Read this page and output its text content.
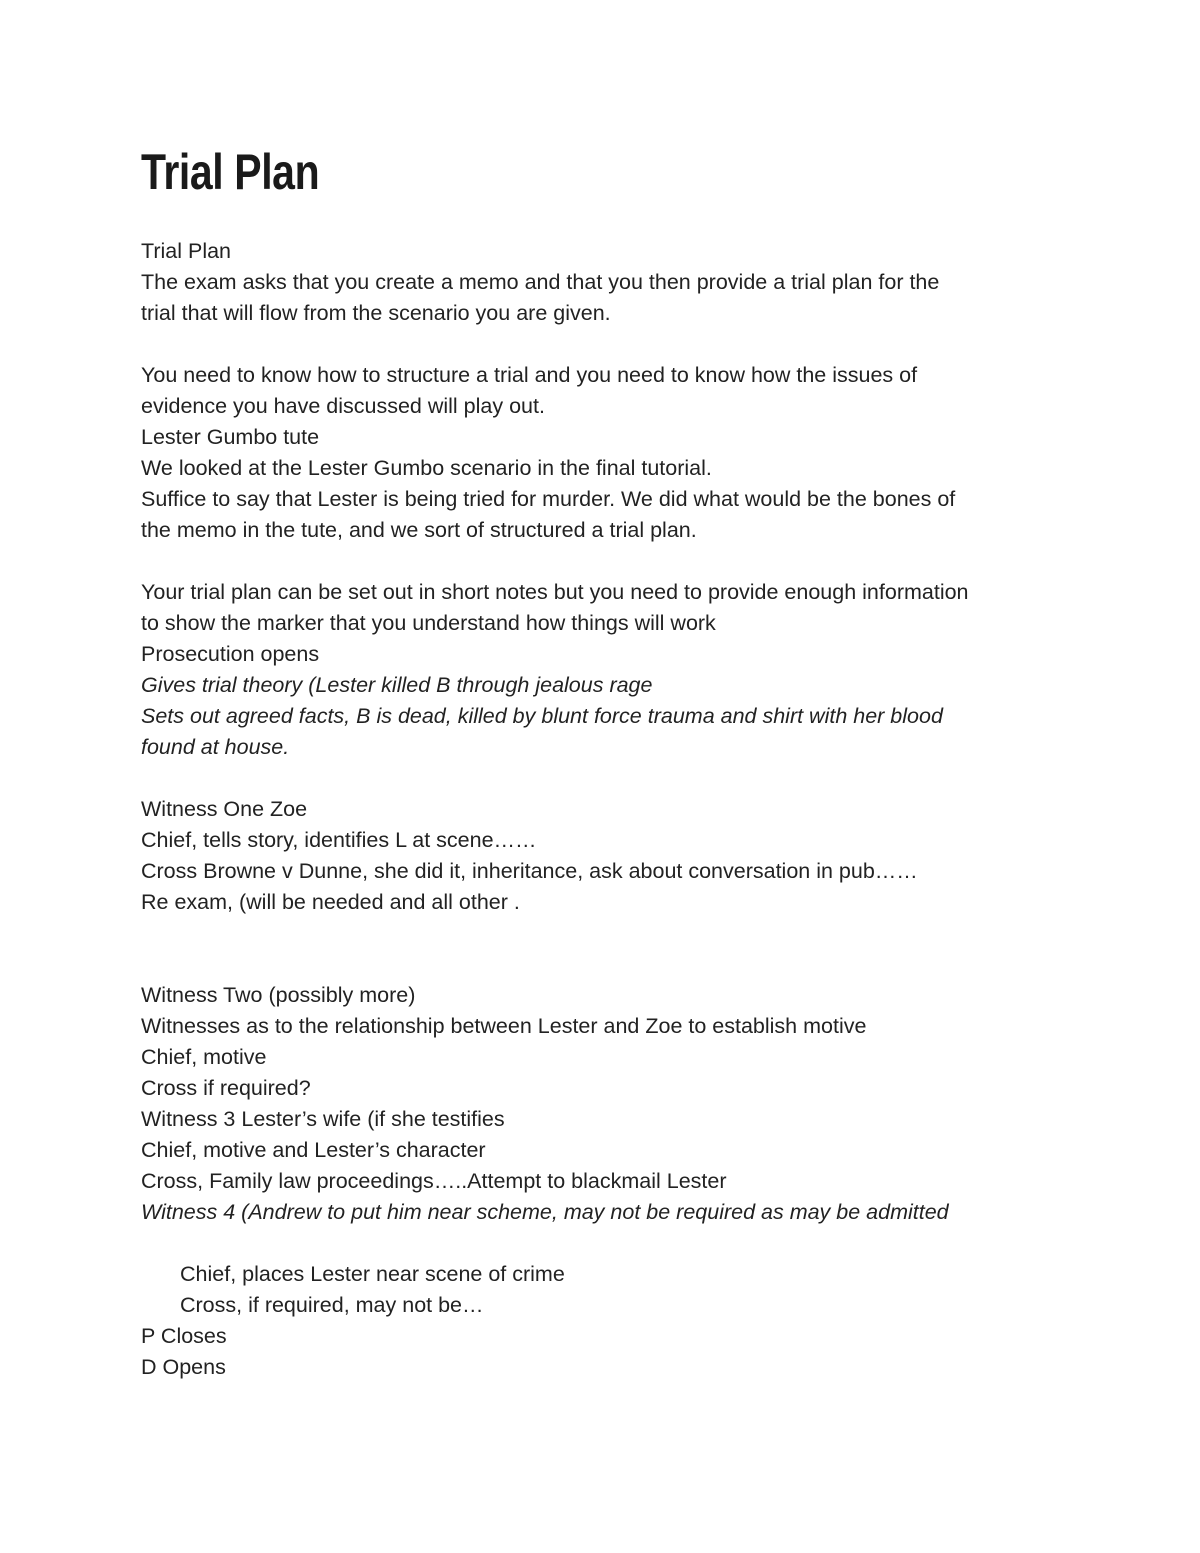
Trial Plan
Trial Plan
The exam asks that you create a memo and that you then provide a trial plan for the
trial that will flow from the scenario you are given.
You need to know how to structure a trial and you need to know how the issues of
evidence you have discussed will play out.
Lester Gumbo tute
We looked at the Lester Gumbo scenario in the final tutorial.
Suffice to say that Lester is being tried for murder. We did what would be the bones of
the memo in the tute, and we sort of structured a trial plan.
Your trial plan can be set out in short notes but you need to provide enough information
to show the marker that you understand how things will work
Prosecution opens
Gives trial theory (Lester killed B through jealous rage
Sets out agreed facts, B is dead, killed by blunt force trauma and shirt with her blood
found at house.
Witness One Zoe
Chief, tells story, identifies L at scene……
Cross Browne v Dunne, she did it, inheritance, ask about conversation in pub……
Re exam, (will be needed and all other .
Witness Two (possibly more)
Witnesses as to the relationship between Lester and Zoe to establish motive
Chief, motive
Cross if required?
Witness 3 Lester’s wife (if she testifies
Chief, motive and Lester’s character
Cross, Family law proceedings…..Attempt to blackmail Lester
Witness 4 (Andrew to put him near scheme, may not be required as may be admitted
Chief, places Lester near scene of crime
Cross, if required, may not be…
P Closes
D Opens
